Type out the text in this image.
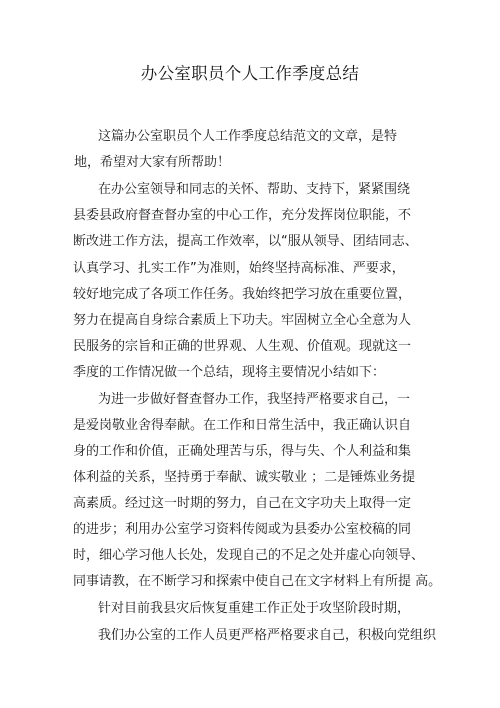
办公室职员个人工作季度总结
这篇办公室职员个人工作季度总结范文的文章，是特
地，希望对大家有所帮助！
在办公室领导和同志的关怀、帮助、支持下，紧紧围绕
县委县政府督查督办室的中心工作，充分发挥岗位职能，不
断改进工作方法，提高工作效率，以“服从领导、团结同志、
认真学习、扎实工作”为准则，始终坚持高标准、严要求，
较好地完成了各项工作任务。我始终把学习放在重要位置，
努力在提高自身综合素质上下功夫。牢固树立全心全意为人
民服务的宗旨和正确的世界观、人生观、价值观。现就这一
季度的工作情况做一个总结，现将主要情况小结如下：
为进一步做好督查督办工作，我坚持严格要求自己，一
是爱岗敬业舍得奉献。在工作和日常生活中，我正确认识自
身的工作和价值，正确处理苦与乐，得与失、个人利益和集
体利益的关系，坚持勇于奉献、诚实敬业 ；二是锤炼业务提
高素质。经过这一时期的努力，自己在文字功夫上取得一定
的进步；利用办公室学习资料传阅或为县委办公室校稿的同
时，细心学习他人长处，发现自己的不足之处并虚心向领导、
同事请教，在不断学习和探索中使自己在文字材料上有所提 高。
针对目前我县灾后恢复重建工作正处于攻坚阶段时期，
我们办公室的工作人员更严格严格要求自己，积极向党组织
